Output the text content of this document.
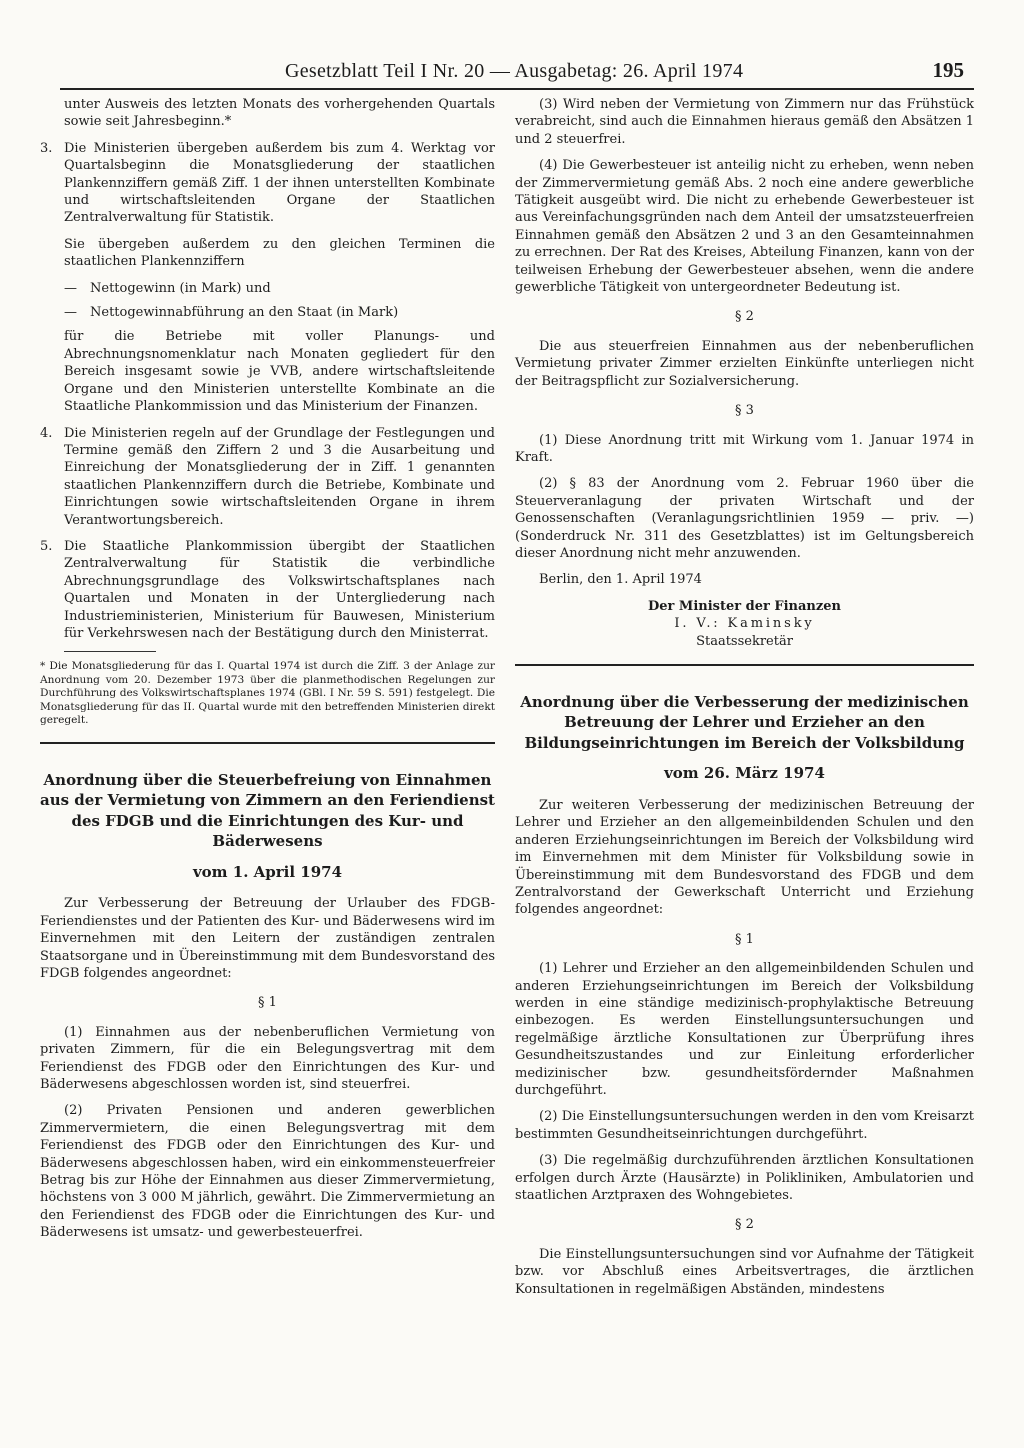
Gesetzblatt Teil I Nr. 20 — Ausgabetag: 26. April 1974	195

unter Ausweis des letzten Monats des vorhergehenden Quartals sowie seit Jahresbeginn.*

3. Die Ministerien übergeben außerdem bis zum 4. Werktag vor Quartalsbeginn die Monatsgliederung der staatlichen Plankennziffern gemäß Ziff. 1 der ihnen unterstellten Kombinate und wirtschaftsleitenden Organe der Staatlichen Zentralverwaltung für Statistik.

Sie übergeben außerdem zu den gleichen Terminen die staatlichen Plankennziffern

— Nettogewinn (in Mark) und

— Nettogewinnabführung an den Staat (in Mark)

für die Betriebe mit voller Planungs- und Abrechnungsnomenklatur nach Monaten gegliedert für den Bereich insgesamt sowie je VVB, andere wirtschaftsleitende Organe und den Ministerien unterstellte Kombinate an die Staatliche Plankommission und das Ministerium der Finanzen.

4. Die Ministerien regeln auf der Grundlage der Festlegungen und Termine gemäß den Ziffern 2 und 3 die Ausarbeitung und Einreichung der Monatsgliederung der in Ziff. 1 genannten staatlichen Plankennziffern durch die Betriebe, Kombinate und Einrichtungen sowie wirtschaftsleitenden Organe in ihrem Verantwortungsbereich.

5. Die Staatliche Plankommission übergibt der Staatlichen Zentralverwaltung für Statistik die verbindliche Abrechnungsgrundlage des Volkswirtschaftsplanes nach Quartalen und Monaten in der Untergliederung nach Industrieministerien, Ministerium für Bauwesen, Ministerium für Verkehrswesen nach der Bestätigung durch den Ministerrat.

* Die Monatsgliederung für das I. Quartal 1974 ist durch die Ziff. 3 der Anlage zur Anordnung vom 20. Dezember 1973 über die planmethodischen Regelungen zur Durchführung des Volkswirtschaftsplanes 1974 (GBl. I Nr. 59 S. 591) festgelegt. Die Monatsgliederung für das II. Quartal wurde mit den betreffenden Ministerien direkt geregelt.

Anordnung über die Steuerbefreiung von Einnahmen aus der Vermietung von Zimmern an den Feriendienst des FDGB und die Einrichtungen des Kur- und Bäderwesens

vom 1. April 1974

Zur Verbesserung der Betreuung der Urlauber des FDGB-Feriendienstes und der Patienten des Kur- und Bäderwesens wird im Einvernehmen mit den Leitern der zuständigen zentralen Staatsorgane und in Übereinstimmung mit dem Bundesvorstand des FDGB folgendes angeordnet:

§ 1

(1) Einnahmen aus der nebenberuflichen Vermietung von privaten Zimmern, für die ein Belegungsvertrag mit dem Feriendienst des FDGB oder den Einrichtungen des Kur- und Bäderwesens abgeschlossen worden ist, sind steuerfrei.

(2) Privaten Pensionen und anderen gewerblichen Zimmervermietern, die einen Belegungsvertrag mit dem Feriendienst des FDGB oder den Einrichtungen des Kur- und Bäderwesens abgeschlossen haben, wird ein einkommensteuerfreier Betrag bis zur Höhe der Einnahmen aus dieser Zimmervermietung, höchstens von 3 000 M jährlich, gewährt. Die Zimmervermietung an den Feriendienst des FDGB oder die Einrichtungen des Kur- und Bäderwesens ist umsatz- und gewerbesteuerfrei.

(3) Wird neben der Vermietung von Zimmern nur das Frühstück verabreicht, sind auch die Einnahmen hieraus gemäß den Absätzen 1 und 2 steuerfrei.

(4) Die Gewerbesteuer ist anteilig nicht zu erheben, wenn neben der Zimmervermietung gemäß Abs. 2 noch eine andere gewerbliche Tätigkeit ausgeübt wird. Die nicht zu erhebende Gewerbesteuer ist aus Vereinfachungsgründen nach dem Anteil der umsatzsteuerfreien Einnahmen gemäß den Absätzen 2 und 3 an den Gesamteinnahmen zu errechnen. Der Rat des Kreises, Abteilung Finanzen, kann von der teilweisen Erhebung der Gewerbesteuer absehen, wenn die andere gewerbliche Tätigkeit von untergeordneter Bedeutung ist.

§ 2

Die aus steuerfreien Einnahmen aus der nebenberuflichen Vermietung privater Zimmer erzielten Einkünfte unterliegen nicht der Beitragspflicht zur Sozialversicherung.

§ 3

(1) Diese Anordnung tritt mit Wirkung vom 1. Januar 1974 in Kraft.

(2) § 83 der Anordnung vom 2. Februar 1960 über die Steuerveranlagung der privaten Wirtschaft und der Genossenschaften (Veranlagungsrichtlinien 1959 — priv. —) (Sonderdruck Nr. 311 des Gesetzblattes) ist im Geltungsbereich dieser Anordnung nicht mehr anzuwenden.

Berlin, den 1. April 1974

Der Minister der Finanzen

I. V.: Kaminsky

Staatssekretär

Anordnung über die Verbesserung der medizinischen Betreuung der Lehrer und Erzieher an den Bildungseinrichtungen im Bereich der Volksbildung

vom 26. März 1974

Zur weiteren Verbesserung der medizinischen Betreuung der Lehrer und Erzieher an den allgemeinbildenden Schulen und den anderen Erziehungseinrichtungen im Bereich der Volksbildung wird im Einvernehmen mit dem Minister für Volksbildung sowie in Übereinstimmung mit dem Bundesvorstand des FDGB und dem Zentralvorstand der Gewerkschaft Unterricht und Erziehung folgendes angeordnet:

§ 1

(1) Lehrer und Erzieher an den allgemeinbildenden Schulen und anderen Erziehungseinrichtungen im Bereich der Volksbildung werden in eine ständige medizinisch-prophylaktische Betreuung einbezogen. Es werden Einstellungsuntersuchungen und regelmäßige ärztliche Konsultationen zur Überprüfung ihres Gesundheitszustandes und zur Einleitung erforderlicher medizinischer bzw. gesundheitsfördernder Maßnahmen durchgeführt.

(2) Die Einstellungsuntersuchungen werden in den vom Kreisarzt bestimmten Gesundheitseinrichtungen durchgeführt.

(3) Die regelmäßig durchzuführenden ärztlichen Konsultationen erfolgen durch Ärzte (Hausärzte) in Polikliniken, Ambulatorien und staatlichen Arztpraxen des Wohngebietes.

§ 2

Die Einstellungsuntersuchungen sind vor Aufnahme der Tätigkeit bzw. vor Abschluß eines Arbeitsvertrages, die ärztlichen Konsultationen in regelmäßigen Abständen, mindestens
